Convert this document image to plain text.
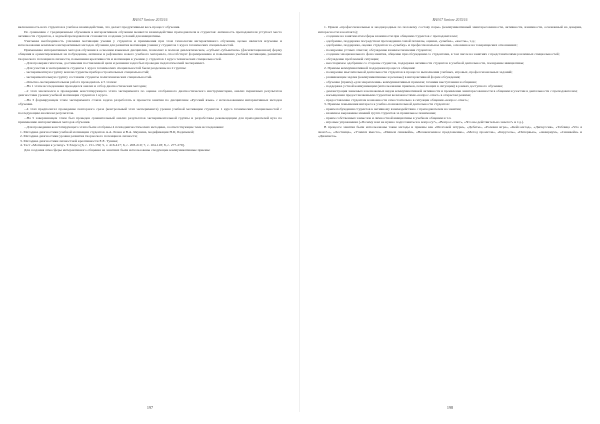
ВАЗ 07 Seniore 2015/16

включенность всех студентов в учебное взаимодействие, что делает продуктивным весь процесс обучения.

По сравнению с традиционным обучением в интерактивном обучении меняется взаимодействие преподавателя и студентов: активность преподавателя уступает место активности студентов, а задачей преподавателя становится создание условий для инициативы.

Учитывая необходимость усиления мотивации учения у студентов и применения при этом технологии интерактивного обучения, целью является изучение и использование комплекса интерактивных методов обучения для развития мотивации учения у студентов 1 курса технических специальностей.

Применение интерактивных методов обучения в освоении языковых дисциплин, позволяет в полном диалектическом, «субъект-субъектном» (фасилитационном) форму общения и ориентированных на побуждение, активное и рефлексию нового учебного материала, способствует формированию и повышению учебной мотивации, развитию творческого потенциала личности, повышения креативности и мотивации к учению у студентов 1 курса технических специальностей.

...Для проверки гипотезы, достижения поставленной цели и решения задач был проведен педагогический эксперимент.

...Для участия в эксперименте студенты 1 курса технических специальностей были разделены на 2 группы:

- экспериментную группу вошли студенты приборостроительных специальностей;

- экспериментальную группу составили студенты политехнических специальностей.

...Опытно-экспериментальная работа проводилась в 5 этапов:

...На 1 этапе исследования проводился анализ и отбор диагностических методик;

...2 этап заключался в проведении констатирующего этапа эксперимента по оценке отобранного диагностического инструментария, анализ первичных результатов диагностики уровня учебной мотивации студентов 1 курса.

...На 3 формирующем этапе эксперимента стояла задача разработать и провести занятия по дисциплине «Русский язык» с использованием интерактивных методов обучения.

...4 этап предполагал проведение повторного среза (контрольный этап эксперимента) уровня учебной мотивации студентов 1 курса технических специальностей с последующим анализом результатов.

...На 5 завершающем этапе был проведен сравнительный анализ результатов экспериментальной группы и разработаны рекомендации для преподавателей вуза по применению интерактивных методов обучения.

...Для проведения констатирующего этапа были отобраны 4 психодиагностических методики, соответствующие теме исследования:

1. Методика диагностики учебной мотивации студентов А.А. Реана и В.А. Якунина, модификация Н.Ц. Бадмаевой;

2. Методика диагностики уровня развития творческого потенциала личности;

3. Методика диагностики личностной креативности Е.Е. Туника;

4. Тест «Мотивация к успеху» Т.Элерса [6, с. 151-159; 5, с. 416-417; 6, с. 208-210; 7, с. 104-118; 8, с. 277-279].

Для создания атмосферы интерактивного общения на занятиях были использованы следующие коммуникативные приемы:

197
ВАЗ 07 Seniore 2015/16

1. Прием «профессиональные и неоднородные по половому составу пары» (коммуникативный заинтересованности, активности, взаимности, основанный на доверии, интересности и контакта);

- создание на занятии атмосферы взаимности при общении студентов с преподавателем;

- одобрение, поддержка посредством прохождения самой похвалы, оценки, «улыбка», «жесты», т.д.;

- одобрение, поддержка, оценка студентов за «улыбку» и профессиональное мнение, основанное на товарищеских отношениях;

- поощрение устных ответов; обсуждение взаимоотношения студентов;

- создание эмоционального фона занятия, общение при обсуждении со студентами, в том числе на занятиях с представителями различных специальностей;

- обсуждение проблемной ситуации;

- неоспоримое одобрение со стороны студентов, поддержка активности студентов в учебной деятельности, поощрение инициативы;

2. Приемы коммуникативной поддержки процесса общения:

- поощрение мыслительной деятельности студентов в процессе выполнения учебных, игровых, профессиональных заданий;

- развивающие задачи (коммуникативные и речевые) в интерактивной форме обсуждения;

- обучение (прием) «для закрепления» коммуникативных приемов; техники выступления и общения;

- поддержка устной коммуникации (использование приемов, помогающих в ситуации) в рамках доступного обучения;

- демонстрация знакомых и незнакомых видов коммуникативной активности и проявление заинтересованности в общении и участии в деятельности с преподавателем;

- насыщенная предоставляемыми студентам возможностями «вопрос-ответ» в открытом режиме;

- предоставление студентам возможности самостоятельно в ситуации общения «вопрос-ответ»;

3. Приемы повышения интереса к учебно-познавательной деятельности студентов:

- прием побуждения студентов к активному взаимодействию с преподавателем на занятии;

- взаимное выражение мнений групп студентов за правильное понимание;

- прием собственных замыслов и личностной инициативы в учебном общении и т.п.

- игровые упражнения («Почему нам не нужно подготовиться к вопросу?», «Вопрос-ответ», «Что вы действительно знаете?» и т.д.).

В процессе занятия были использованы такие методы и приемы как «Мозговой штурм», «Дебаты», «Ролевая игра», «Кейс-метод», «Дискуссия», «Таблица «Что я знаю?»», «Лестница», «Учимся вместе», «Пишем синквейн», «Незаконченное предложение», «Метод проектов», «Карусель», «Интервью», «Аквариум», «Синквейн» и «Диаманта».

198
